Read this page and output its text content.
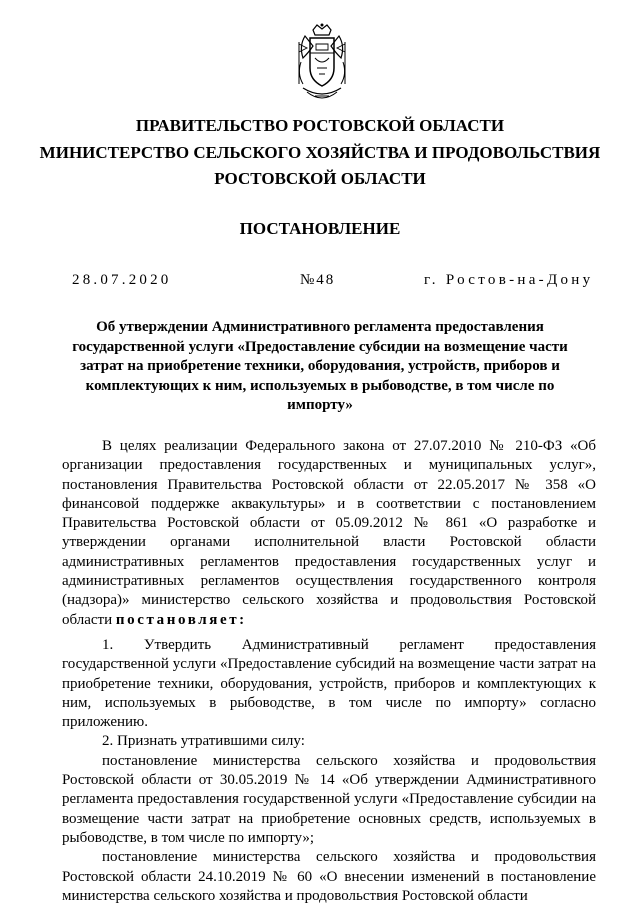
ПРАВИТЕЛЬСТВО РОСТОВСКОЙ ОБЛАСТИ
МИНИСТЕРСТВО СЕЛЬСКОГО ХОЗЯЙСТВА И ПРОДОВОЛЬСТВИЯ
РОСТОВСКОЙ ОБЛАСТИ
ПОСТАНОВЛЕНИЕ
28.07.2020	№48	г. Ростов-на-Дону
Об утверждении Административного регламента предоставления государственной услуги «Предоставление субсидии на возмещение части затрат на приобретение техники, оборудования, устройств, приборов и комплектующих к ним, используемых в рыбоводстве, в том числе по импорту»

В целях реализации Федерального закона от 27.07.2010 № 210-ФЗ «Об организации предоставления государственных и муниципальных услуг», постановления Правительства Ростовской области от 22.05.2017 № 358 «О финансовой поддержке аквакультуры» и в соответствии с постановлением Правительства Ростовской области от 05.09.2012 № 861 «О разработке и утверждении органами исполнительной власти Ростовской области административных регламентов предоставления государственных услуг и административных регламентов осуществления государственного контроля (надзора)» министерство сельского хозяйства и продовольствия Ростовской области постановляет:

1. Утвердить Административный регламент предоставления государственной услуги «Предоставление субсидий на возмещение части затрат на приобретение техники, оборудования, устройств, приборов и комплектующих к ним, используемых в рыбоводстве, в том числе по импорту» согласно приложению.

2. Признать утратившими силу:

постановление министерства сельского хозяйства и продовольствия Ростовской области от 30.05.2019 № 14 «Об утверждении Административного регламента предоставления государственной услуги «Предоставление субсидии на возмещение части затрат на приобретение основных средств, используемых в рыбоводстве, в том числе по импорту»;

постановление министерства сельского хозяйства и продовольствия Ростовской области 24.10.2019 № 60 «О внесении изменений в постановление министерства сельского хозяйства и продовольствия Ростовской области
